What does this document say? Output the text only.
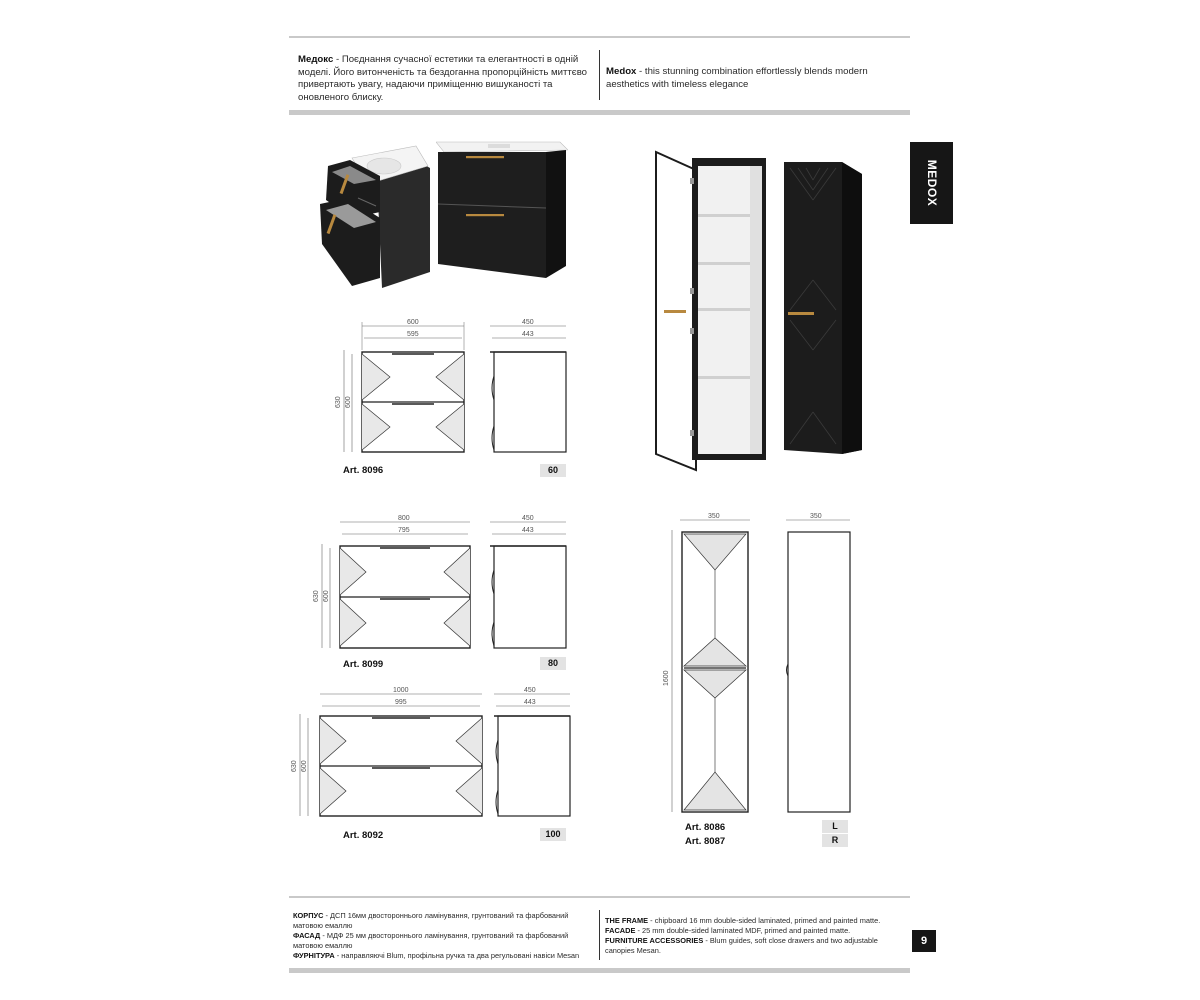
Медокс - Поєднання сучасної естетики та елегантності в одній моделі. Його витонченість та бездоганна пропорційність миттєво привертають увагу, надаючи приміщенню вишуканості та оновленого блиску.
Medox - this stunning combination effortlessly blends modern aesthetics with timeless elegance
MEDOX
600
595
630 600
450
443
Art. 8096	60
800
795
630 600
450
443
Art. 8099	80
1000
995
630 600
450
443
Art. 8092	100
350
1600
350
Art. 8086
Art. 8087
L
R
КОРПУС - ДСП 16мм двостороннього ламінування, грунтований та фарбований матовою емаллю
ФАСАД - МДФ 25 мм двостороннього ламінування, грунтований та фарбований матовою емаллю
ФУРНІТУРА - направляючі Blum, профільна ручка та два регульовані навіси Mesan
THE FRAME - chipboard 16 mm double-sided laminated, primed and painted matte.
FACADE - 25 mm double-sided laminated MDF, primed and painted matte.
FURNITURE ACCESSORIES - Blum guides, soft close drawers and two adjustable canopies Mesan.
9
